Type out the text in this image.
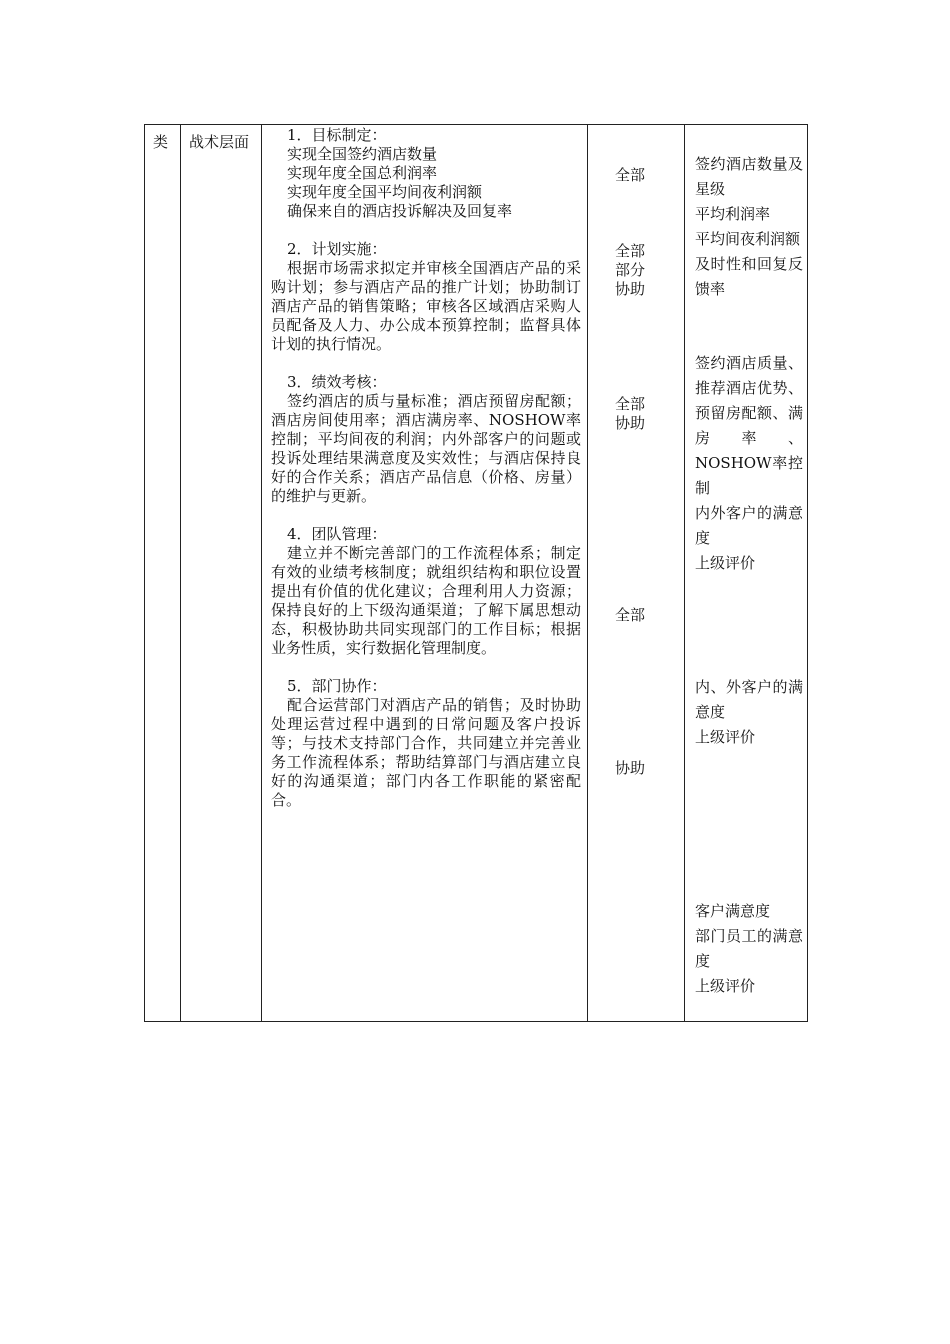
类 战术层面	1．目标制定：

实现全国签约酒店数量

实现年度全国总利润率

实现年度全国平均间夜利润额

确保来自的酒店投诉解决及回复率

2．计划实施：

根据市场需求拟定并审核全国酒店产品的采购计划；参与酒店产品的推广计划；协助制订酒店产品的销售策略；审核各区域酒店采购人员配备及人力、办公成本预算控制；监督具体计划的执行情况。

3．绩效考核：

签约酒店的质与量标准；酒店预留房配额；酒店房间使用率；酒店满房率、NOSHOW率控制；平均间夜的利润；内外部客户的问题或投诉处理结果满意度及实效性；与酒店保持良好的合作关系；酒店产品信息（价格、房量）的维护与更新。

4．团队管理：

建立并不断完善部门的工作流程体系；制定有效的业绩考核制度；就组织结构和职位设置提出有价值的优化建议；合理利用人力资源；保持良好的上下级沟通渠道；了解下属思想动态，积极协助共同实现部门的工作目标；根据业务性质，实行数据化管理制度。

5．部门协作：

配合运营部门对酒店产品的销售；及时协助处理运营过程中遇到的日常问题及客户投诉等；与技术支持部门合作，共同建立并完善业务工作流程体系；帮助结算部门与酒店建立良好的沟通渠道；部门内各工作职能的紧密配合。

全部
全部
部分
协助
全部
协助
全部
协助

签约酒店数量及星级

平均利润率

平均间夜利润额

及时性和回复反馈率

签约酒店质量、推荐酒店优势、预留房配额、满房率、NOSHOW率控制

内外客户的满意度

上级评价

内、外客户的满意度

上级评价

客户满意度

部门员工的满意度

上级评价
